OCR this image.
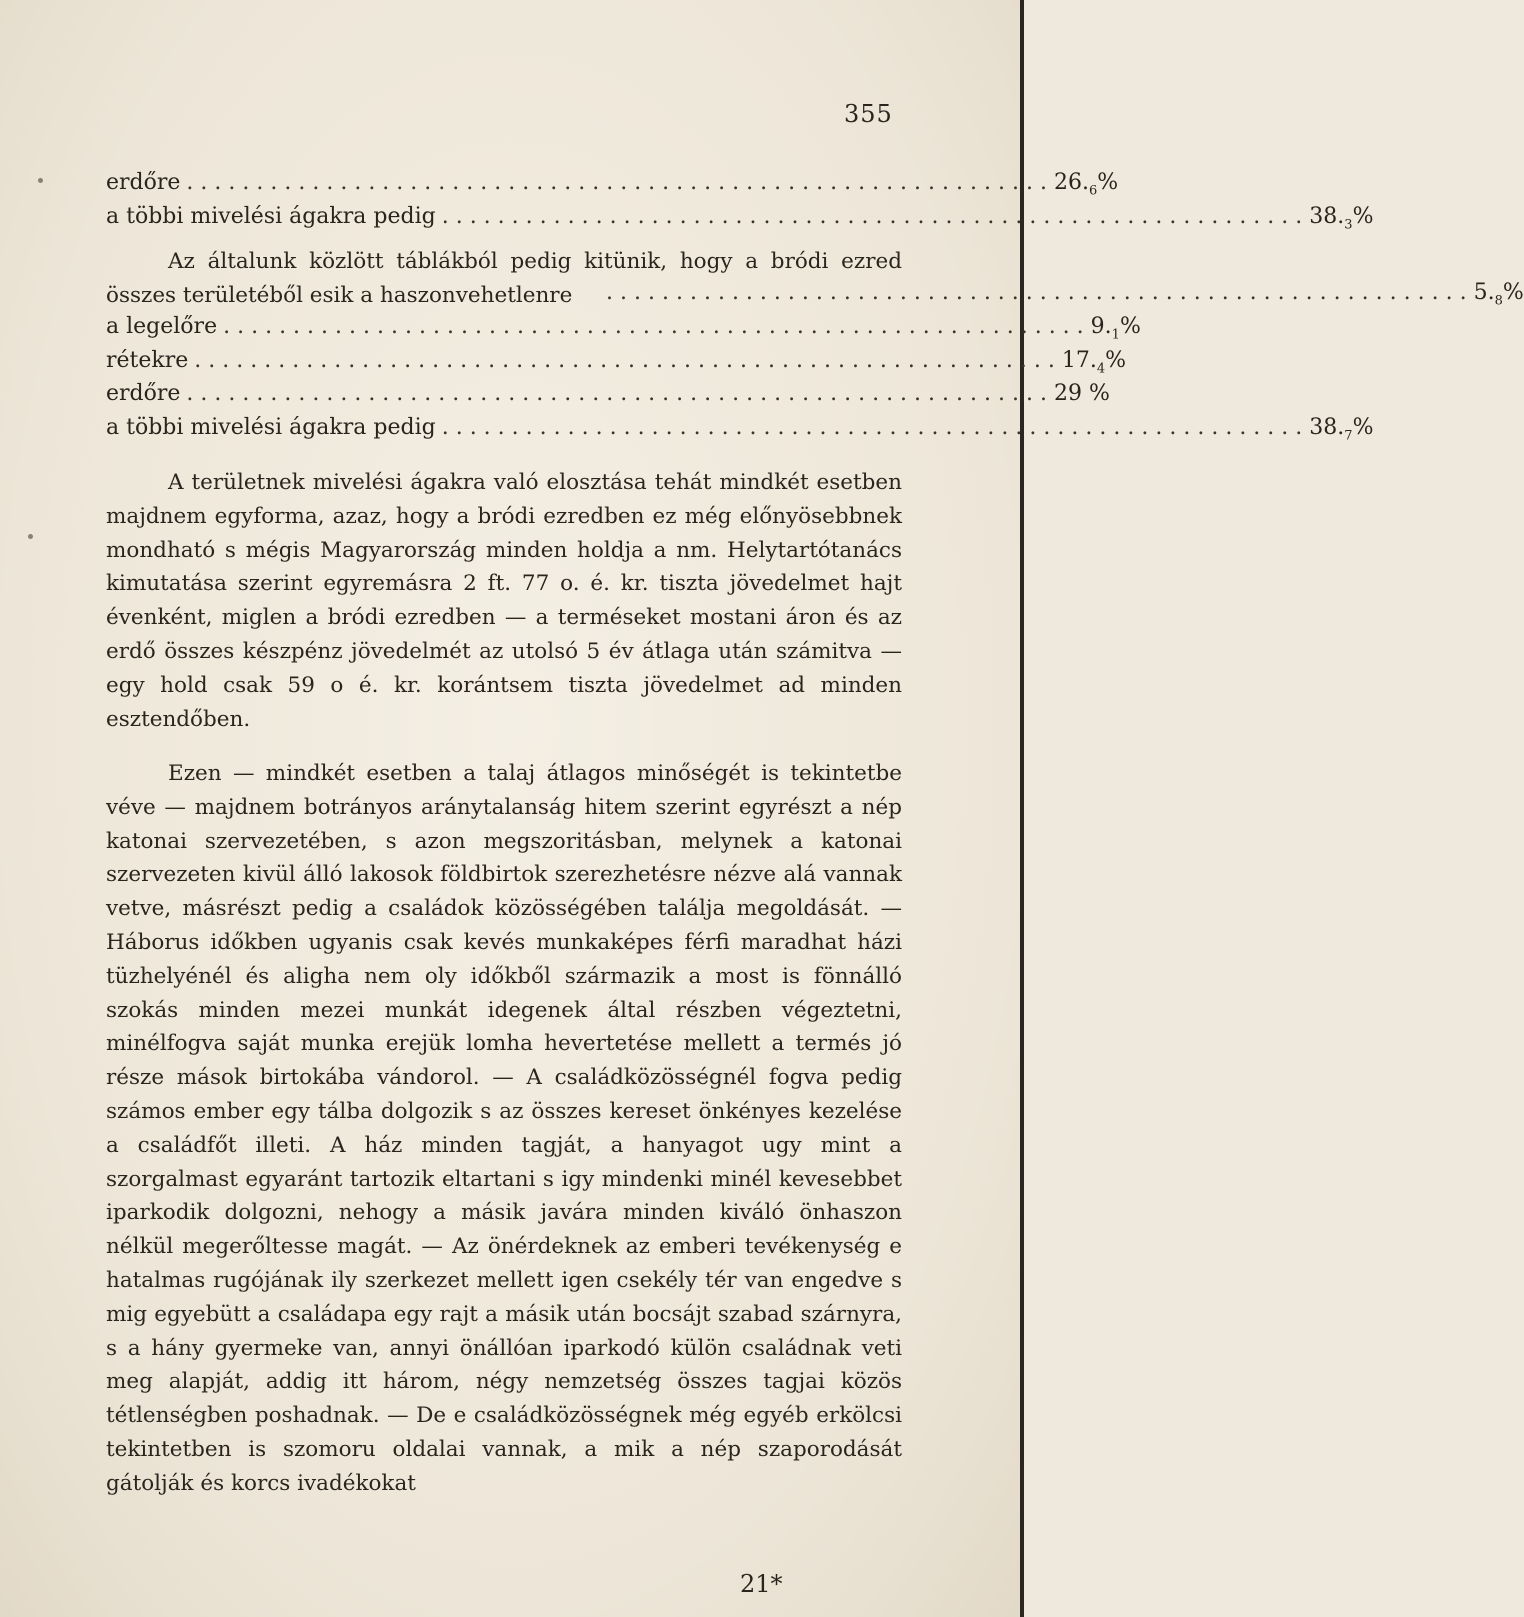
355
erdőre .............................................................. $26._6\%$
a többi mivelési ágakra pedig .............................................................. $38._3\%$
Az általunk közlött táblákból pedig kitünik, hogy a bródi ezred összes területéből esik a haszonvehetlenre	.............................................................. $5._8\%$
a legelőre .............................................................. $9._1\%$
rétekre .............................................................. $17._4\%$
erdőre .............................................................. 29 %
a többi mivelési ágakra pedig .............................................................. $38._7\%$
A területnek mivelési ágakra való elosztása tehát mindkét esetben majdnem egyforma, azaz, hogy a bródi ezredben ez még előnyösebbnek mondható s mégis Magyarország minden holdja a nm. Helytartótanács kimutatása szerint egyremásra 2 ft. 77 o. é. kr. tiszta jövedelmet hajt évenként, miglen a bródi ezredben — a terméseket mostani áron és az erdő összes készpénz jövedelmét az utolsó 5 év átlaga után számitva — egy hold csak 59 o é. kr. korántsem tiszta jövedelmet ad minden esztendőben.
Ezen — mindkét esetben a talaj átlagos minőségét is tekintetbe véve — majdnem botrányos aránytalanság hitem szerint egyrészt a nép katonai szervezetében, s azon megszoritásban, melynek a katonai szervezeten kivül álló lakosok földbirtok szerezhetésre nézve alá vannak vetve, másrészt pedig a családok közösségében találja megoldását. — Háborus időkben ugyanis csak kevés munkaképes férfi maradhat házi tüzhelyénél és aligha nem oly időkből származik a most is fönnálló szokás minden mezei munkát idegenek által részben végeztetni, minélfogva saját munka erejük lomha hevertetése mellett a termés jó része mások birtokába vándorol. — A családközösségnél fogva pedig számos ember egy tálba dolgozik s az összes kereset önkényes kezelése a családfőt illeti. A ház minden tagját, a hanyagot ugy mint a szorgalmast egyaránt tartozik eltartani s igy mindenki minél kevesebbet iparkodik dolgozni, nehogy a másik javára minden kiváló önhaszon nélkül megerőltesse magát. — Az önérdeknek az emberi tevékenység e hatalmas rugójának ily szerkezet mellett igen csekély tér van engedve s mig egyebütt a családapa egy rajt a másik után bocsájt szabad szárnyra, s a hány gyermeke van, annyi önállóan iparkodó külön családnak veti meg alapját, addig itt három, négy nemzetség összes tagjai közös tétlenségben poshadnak. — De e családközösségnek még egyéb erkölcsi tekintetben is szomoru oldalai vannak, a mik a nép szaporodását gátolják és korcs ivadékokat
21*
